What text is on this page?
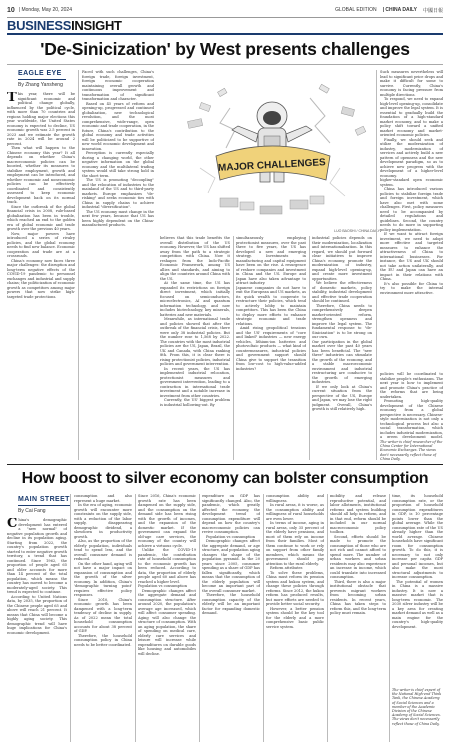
10 | Monday, May 20, 2024	GLOBAL EDITION | CHINA DAILY 中國日報
BUSINESSINSIGHT
'De-Sinicization' by West presents challenges
EAGLE EYE
By Zhang Yansheng
T his year, there will be significant economic and political change globally, influenced by the political cycle, with more than 70 countries and regions holding major elections this year worldwide, the United States economy is expected to decline, US economic growth was 2.5 percent in 2023 and we estimate the growth rate in 2024 will be around 2 percent.

Then what will happen to the Chinese economy this year? It all depends on whether China's macroeconomic policies can be boosted, whether its measures to stabilize employment, growth and employment can be introduced, and whether economic and noneconomic policies can be effectively coordinated and consistently assessed to keep economic development back on its normal track.

Since the outbreak of the global financial crisis in 2008, rule-based globalization has been in trouble, which reached an end to the golden era of global economic and trade growth over the previous 40 years.

Now, major powers have introduced a series of rivalry policies, and the global economy needs to find new balance. Economic cooperation and trade are at a crossroads.

China's economy now faces three major challenges: the disruption and long-term negative effects of the COVID-19 pandemic to personnel exchanges and industrial and supply chains; the politicization of economic growth as competitors among major powers that now strike high-targeted trade protections.

Faced with such challenges, China's foreign trade, foreign investment, foreign economic cooperation maintaining overall growth and continuous improvement and transformation of significant transformation and character.

Based on 45 years of reform and opening-up, progressed and continued globalization, new technological revolution, and the most comprehensive, wide-range, open economic and trade cooperation, in the future, China's contribution to the global economy and trade activities will be politicized to be supportive of new world economic development and innovation.

Perception is currently especially during a changing world, the other negative information on the global economy and the multilateral trading system would still take strong hold in the short term.

The US is promoting "decoupling" and the relocation of industries to the mainland of the US and to third-party markets. Europe emphasizes "de-risking" and seeks economic ties with China in supply chains to achieve industrial "diversification".

The US economy must change in the next few years, because that US has been highly dependent on the China-manufactured products.

MAJOR CHALLENGES
LUO BAOSHI / CHINA DAILY

believes that this trade benefits the overall distribution of the US economy. However, the US has shifted away from the path to a strategic competition with China. Now it reshapes from the Indo-Pacific Economic Framework, among US allies and standards, and aiming to align the countries around China with the US.

At the same time, the US has expanded its restrictions on foreign direct investment, which initially focused on semiconductors, microelectronics, AI and quantum information technology, and now includes biotechnology, key minerals, batteries and new materials.

Meanwhile, as international trade and policies showed that after the outbreak of the financial crisis, there were only 38 industrial policies. But the number rose to 1,568 by 2022. The countries with the most industrial policies are the US, Japan, Brazil, the UK and Canada, with China ranking 8th. From this, it is clear there is rising protectionist policies, industrial policies and government intervention.

In recent years, the US has implemented industrial relocation, protectionist measures and government intervention, leading to a contraction in international trade investment and a notable increase in investment from other countries.

Currently, the US' biggest problem is industrial hollowing-out. By

simultaneously employing protectionist measures, over the past three to five years, the US has developed a new and emerging strategy. Investments in manufacturing and capital equipment have been on the rise. A resurgence of reshore companies and investment in China and the US. Europe and Japan have also taken advantage to attract industry.

Japanese companies do not have to exit the European and US markets, as its quick wealth to cooperate to restructure their policies, which tend to actively lobby to maintain competitors. This has been the China to deploy more efforts to enhance strategic economic and trade relations.

Amid rising geopolitical tensions and the US' requirements of "core and linked" industries — new energy vehicles, lithium-ion batteries and photovoltaic products — what kind of countermeasures, industrial policies and government support should China give to support the transition from low-cost to high-value-added industries?

industrial policies depends on their modernization, localization and internationalization. In this regard, we should put forward clear initiatives to improve China's economy, promote the modernization of industry, expand high-level opening-up, and create more investment opportunities.

We believe the effectiveness of domestic markets, policy stability, industrial development and effective trade cooperation should be continued.

Therefore, China needs to comprehensively deepen market-oriented reform, strengthen openness and improve the legal system. The fundamental response to "de-Sinicization" is to be strong on our own.

Our participation in the global market over the past 40 years has been beneficial. The "new three" industries can stimulate the growth of the economy, and a stable macroeconomic environment and industrial restructuring are conducive to the growth of emerging industries.

If we only look at China's current situation from the perspective of the US, Europe and Japan, we may lose the right judgment. Overall, China's growth is still relatively high.

Such measures nevertheless will lead to significant price drops and make it difficult for some to survive. Currently, China's economy is facing pressure from multiple directions.

To respond, we need to expand high-level opening-up, consolidate and improve the legal system. It is essential to gradually build the foundation of a high-standard market economy, and to make a policy shift toward a unified market economy and market-oriented economic policies.

Finally, we should seek and utilize the modernization of industry, modernization of services and actively build a new pattern of openness and the new development paradigm, so as to achieve new progress with the development of a higher-level economy.

higher-standard open economic system.

China has introduced various policies to stabilize foreign trade and foreign investment, which have also met with some challenges. First, policy measures need to be accompanied by detailed regulations and guidelines. Second, the country needs to do more in supporting policy implementation.

If we want to attract foreign investment, we need to adopt more effective and targeted measures to enhance the attractiveness of China to international businesses. For instance, the US and UK should not take action unilaterally, and the EU and Japan can have an impact in their relations with China.

It's also possible for China to try to make the internal environment more attractive.

policies will be coordinated to stabilize people's enthusiasm. The next year is how to implement and promote China's practice of the reforms that are being undertaken.

Promoting high-quality development of the Chinese economy from a global perspective is necessary. Chinese-style modernization is not only a technological process but also a social transformation, which includes industrial modernization, a green development model,

The writer is chief researcher of the China Center for International Economic Exchanges. The views don't necessarily reflect those of China Daily.
How boost to silver economy can bolster consumption
MAIN STREET
By Cai Fang
C hina's demographic development has entered a "new normal" of negative population growth and decline in its population aging. Starting from 2022, the country's population growth started to enter negative growth territory, a trend that has continued. Since 1962, the proportion of people aged 65 and older accounts for more than 14 percent of the total population, which means the country has moved to become a moderately-aged society. This trend is expected to continue.

According to United Nations data, by 2035, the proportion of the Chinese people aged 65 and above will reach 21 percent. It means that China will become a highly aging society. This demographic trend will have huge implications for China's economic development.

consumption and also represent a huge market.

In the era of aging, economic growth will encounter more constraints on the supply side, with a reduction of the labor supply, disappearing demographic dividend, a slowdown in productivity growth.

Also, as the proportion of the elderly population, individuals tend to spend less, and the overall consumer demand is reduced.

On the other hand, aging will not have a major impact on expansion of consumption and the growth of the silver economy. In addition, China's 'demographic turning point' requires effective policy responses.

Since 2010, China's economic growth has been dampened with a long-term tendency of decline in supply. As of 2022 mean the total household consumption accounts for about 38 percent of GDP.

Therefore, the household consumption policy in China needs to be better coordinated.

Since 2016, China's economic growth rate has been dampened on the supply side, and the consumption on the demand side has been rising with the growth of incomes, and the expansion of the domestic market. If the government can expand the old-age care services, the economy of the country will achieve a virtuous cycle.

Unlike the COVID-19 pandemic, the contribution rate of household consumption to the economic growth has been reduced. According to data, the proportion of elderly people aged 60 and above has reached a higher level.

Population vs consumption

Demographic changes affect the aggregate demand and consumption structure. After around 2020, the population's average age increased, which will affect consumer spending. Aging will also change the structure of consumption. With an aging population, the share of spending on medical care, elderly care services and leisure will increase while expenditures on durable goods like housing and automobiles will decline.

expenditure on GDP has significantly changed. Also, the pandemic, which greatly affected the economy, the development trend of consumption expenditure will depend on how the country's macroeconomic policies can revive consumption.

Population vs consumption

Demographic changes affect the aggregate demand, or age structure, and population aging changes the shape of the population pyramid. In the 20 years since 2005, consumer spending as a share of GDP has fallen significantly, which means that the consumption of the elderly population will become an important part of the overall consumer market.

Therefore, the household consumption capacity of the elderly will be an important factor for expanding domestic demand.

consumption ability and willingness.

In rural areas, it is worse, as the consumption ability and willingness of rural households are even lower.

In terms of income, aging in rural areas, only 35 percent of the elderly have pensions, and most of them rely on income from their families. Most of them continue to work or rely on support from other family members, which means the government should pay attention to the rural elderly.

Reform attributes

To solve these problems, China must reform its pension system and hukou system, and change these policies through reforms. Since 2012, the hukou reform has produced results, but more efforts are needed to provide better social security.

However, a better pension system should be the key tool for the elderly and a more comprehensive basic public service system.

mobility and release reproductive potential, and labor allotments, institutional reforms and system building should all help in reform, and in that end, reform should be included in our normal macroeconomic policy toolbox.

Second, efforts should be made to promote the consumption of those who are not rich and cannot afford to spend more. The number of urban workers and urban residents may also experience an increase in income, which could translate into increased consumption.

Third, there is also a major institutional obstacle that prevents migrant workers from becoming urban residents. In recent years, China has taken steps to reform this, and the long-term policy must remain.

time, its household consumption rate, or the proportion of household consumption expenditures in GDP, is 10 percentage points lower than the global average. While the consumption rate of the US already higher than the world average. Chinese households have significant room for consumption growth. To do this, it is necessary to not only increase per capita GDP and personal incomes, but also make the most structural adjustments to increase consumption.

The potential of women in China is a massive industry. It is now a massive market that is long-term economic. The 2030 silver industry will be a key area for creating market demand as well as a main engine for the country's high-quality development.

The writer is chief expert of the National High-end Think Tank, the Chinese Academy of Social Sciences and a member of the Academic Division of the Chinese Academy of Social Sciences. The views don't necessarily reflect those of China Daily.
